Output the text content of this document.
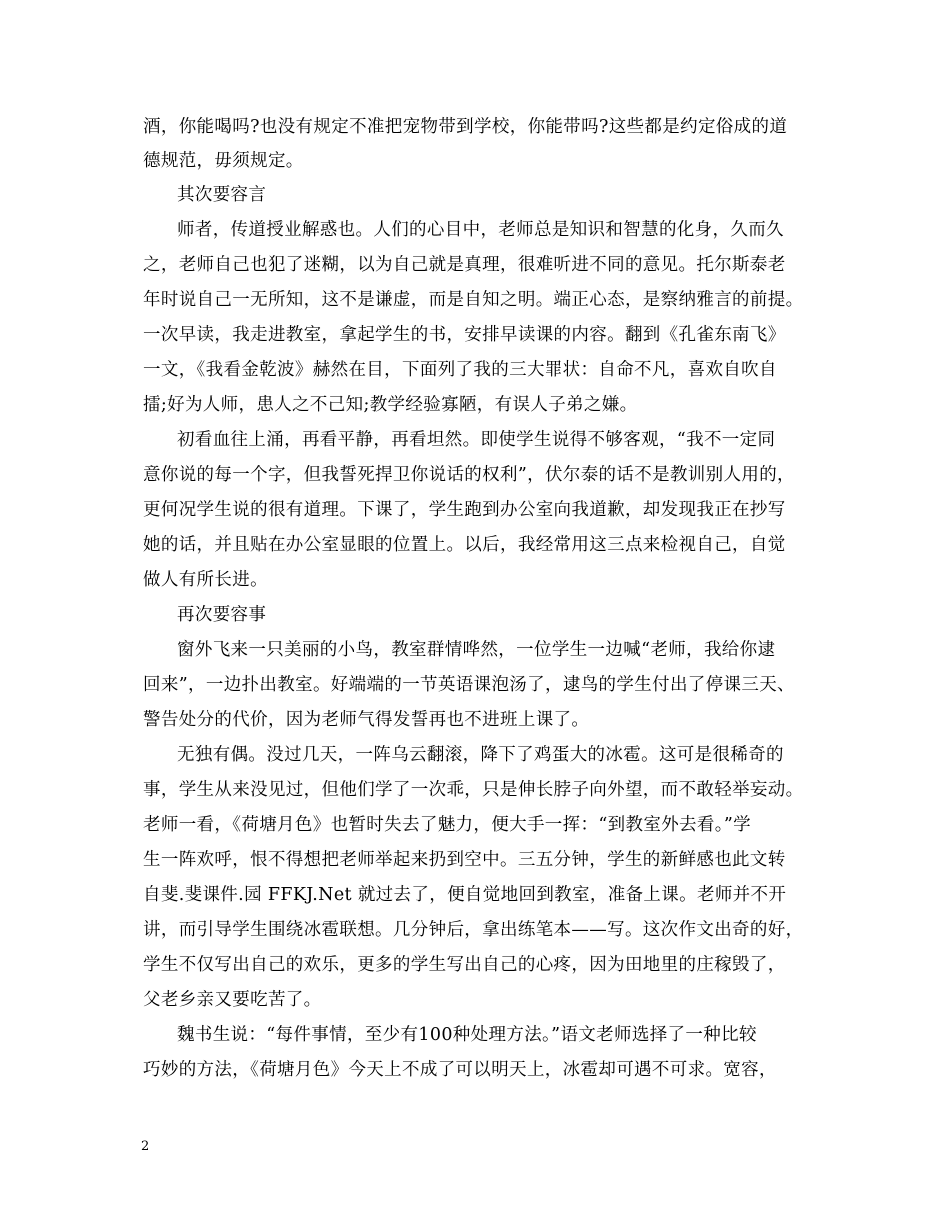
酒，你能喝吗?也没有规定不准把宠物带到学校，你能带吗?这些都是约定俗成的道
德规范，毋须规定。
其次要容言
师者，传道授业解惑也。人们的心目中，老师总是知识和智慧的化身，久而久
之，老师自己也犯了迷糊，以为自己就是真理，很难听进不同的意见。托尔斯泰老
年时说自己一无所知，这不是谦虚，而是自知之明。端正心态，是察纳雅言的前提。
一次早读，我走进教室，拿起学生的书，安排早读课的内容。翻到《孔雀东南飞》
一文，《我看金乾波》赫然在目，下面列了我的三大罪状：自命不凡，喜欢自吹自
擂;好为人师，患人之不己知;教学经验寡陋，有误人子弟之嫌。
初看血往上涌，再看平静，再看坦然。即使学生说得不够客观，“我不一定同
意你说的每一个字，但我誓死捍卫你说话的权利”，伏尔泰的话不是教训别人用的，
更何况学生说的很有道理。下课了，学生跑到办公室向我道歉，却发现我正在抄写
她的话，并且贴在办公室显眼的位置上。以后，我经常用这三点来检视自己，自觉
做人有所长进。
再次要容事
窗外飞来一只美丽的小鸟，教室群情哗然，一位学生一边喊“老师，我给你逮
回来”，一边扑出教室。好端端的一节英语课泡汤了，逮鸟的学生付出了停课三天、
警告处分的代价，因为老师气得发誓再也不进班上课了。
无独有偶。没过几天，一阵乌云翻滚，降下了鸡蛋大的冰雹。这可是很稀奇的
事，学生从来没见过，但他们学了一次乖，只是伸长脖子向外望，而不敢轻举妄动。
老师一看，《荷塘月色》也暂时失去了魅力，便大手一挥：“到教室外去看。”学
生一阵欢呼，恨不得想把老师举起来扔到空中。三五分钟，学生的新鲜感也此文转
自斐.斐课件.园 FFKJ.Net 就过去了，便自觉地回到教室，准备上课。老师并不开
讲，而引导学生围绕冰雹联想。几分钟后，拿出练笔本——写。这次作文出奇的好，
学生不仅写出自己的欢乐，更多的学生写出自己的心疼，因为田地里的庄稼毁了，
父老乡亲又要吃苦了。
魏书生说：“每件事情，至少有100种处理方法。”语文老师选择了一种比较
巧妙的方法，《荷塘月色》今天上不成了可以明天上，冰雹却可遇不可求。宽容，
2
